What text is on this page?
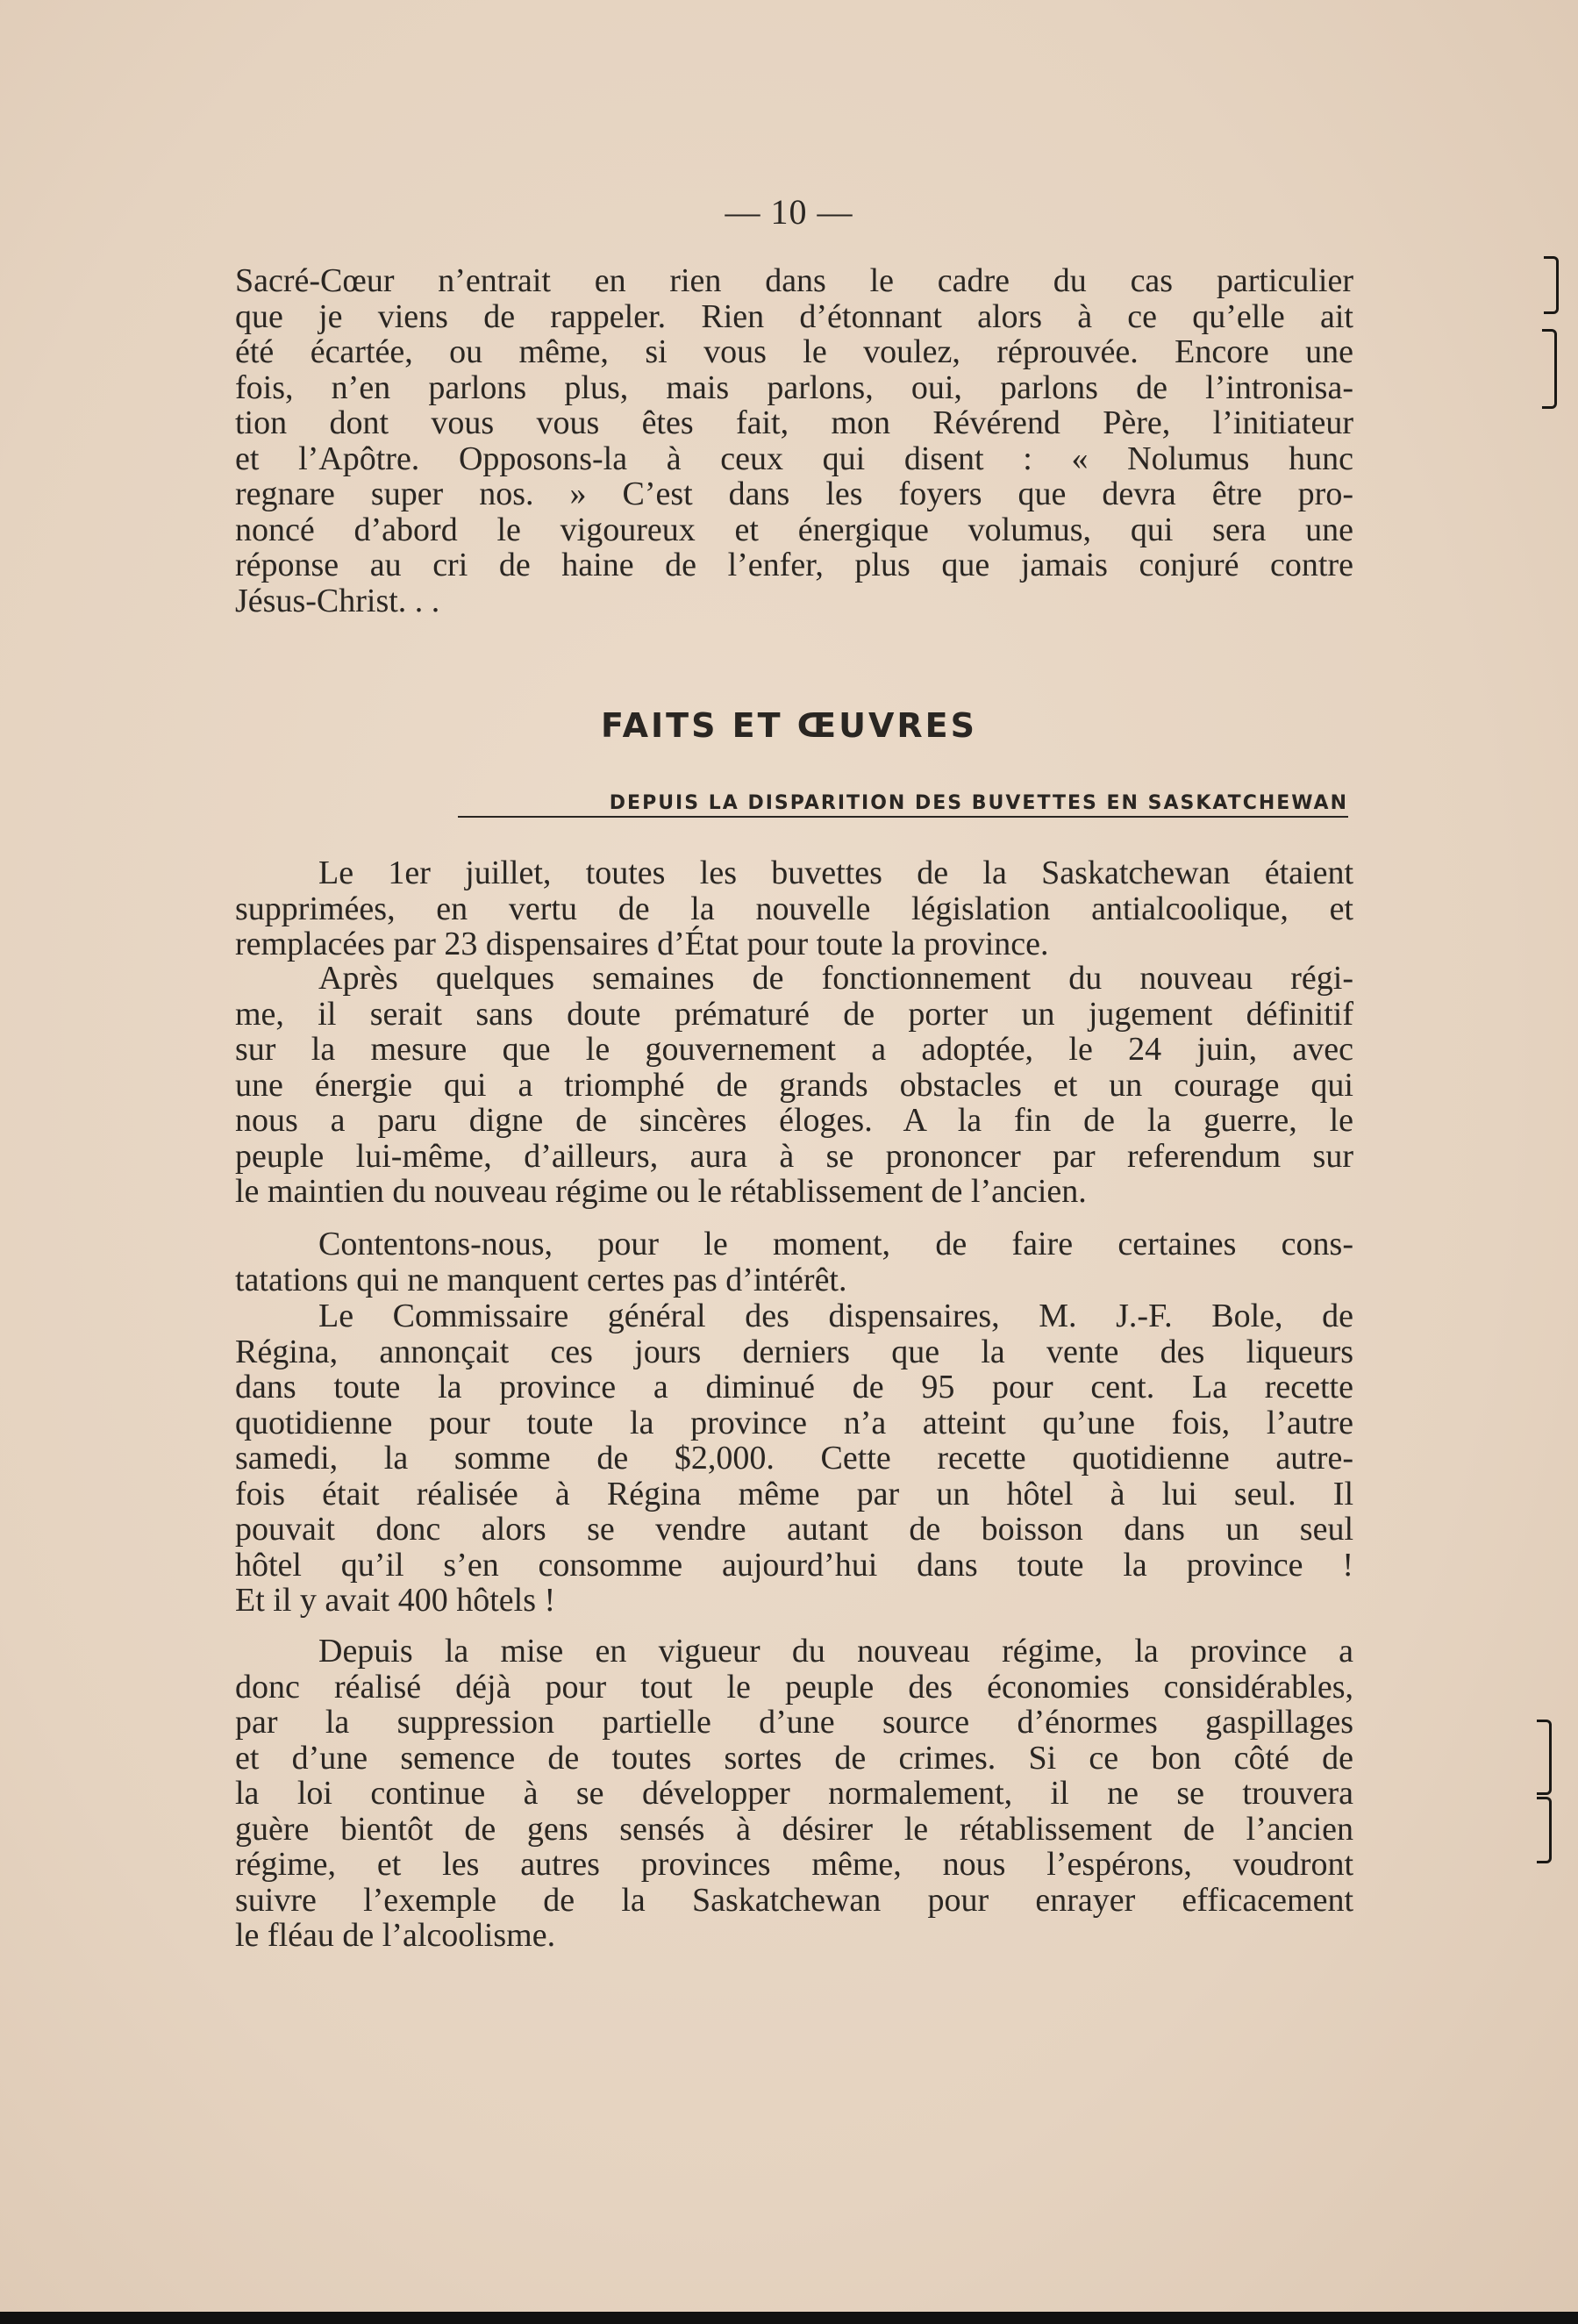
— 10 —
Sacré-Cœur n’entrait en rien dans le cadre du cas particulier
que je viens de rappeler. Rien d’étonnant alors à ce qu’elle ait
été écartée, ou même, si vous le voulez, réprouvée. Encore une
fois, n’en parlons plus, mais parlons, oui, parlons de l’intronisa-
tion dont vous vous êtes fait, mon Révérend Père, l’initiateur
et l’Apôtre. Opposons-la à ceux qui disent : « Nolumus hunc
regnare super nos. » C’est dans les foyers que devra être pro-
noncé d’abord le vigoureux et énergique volumus, qui sera une
réponse au cri de haine de l’enfer, plus que jamais conjuré contre
Jésus-Christ. . .
FAITS ET ŒUVRES
DEPUIS LA DISPARITION DES BUVETTES EN SASKATCHEWAN
Le 1er juillet, toutes les buvettes de la Saskatchewan étaient
supprimées, en vertu de la nouvelle législation antialcoolique, et
remplacées par 23 dispensaires d’État pour toute la province.
Après quelques semaines de fonctionnement du nouveau régi-
me, il serait sans doute prématuré de porter un jugement définitif
sur la mesure que le gouvernement a adoptée, le 24 juin, avec
une énergie qui a triomphé de grands obstacles et un courage qui
nous a paru digne de sincères éloges. A la fin de la guerre, le
peuple lui-même, d’ailleurs, aura à se prononcer par referendum sur
le maintien du nouveau régime ou le rétablissement de l’ancien.
Contentons-nous, pour le moment, de faire certaines cons-
tatations qui ne manquent certes pas d’intérêt.
Le Commissaire général des dispensaires, M. J.-F. Bole, de
Régina, annonçait ces jours derniers que la vente des liqueurs
dans toute la province a diminué de 95 pour cent. La recette
quotidienne pour toute la province n’a atteint qu’une fois, l’autre
samedi, la somme de $2,000. Cette recette quotidienne autre-
fois était réalisée à Régina même par un hôtel à lui seul. Il
pouvait donc alors se vendre autant de boisson dans un seul
hôtel qu’il s’en consomme aujourd’hui dans toute la province !
Et il y avait 400 hôtels !
Depuis la mise en vigueur du nouveau régime, la province a
donc réalisé déjà pour tout le peuple des économies considérables,
par la suppression partielle d’une source d’énormes gaspillages
et d’une semence de toutes sortes de crimes. Si ce bon côté de
la loi continue à se développer normalement, il ne se trouvera
guère bientôt de gens sensés à désirer le rétablissement de l’ancien
régime, et les autres provinces même, nous l’espérons, voudront
suivre l’exemple de la Saskatchewan pour enrayer efficacement
le fléau de l’alcoolisme.
